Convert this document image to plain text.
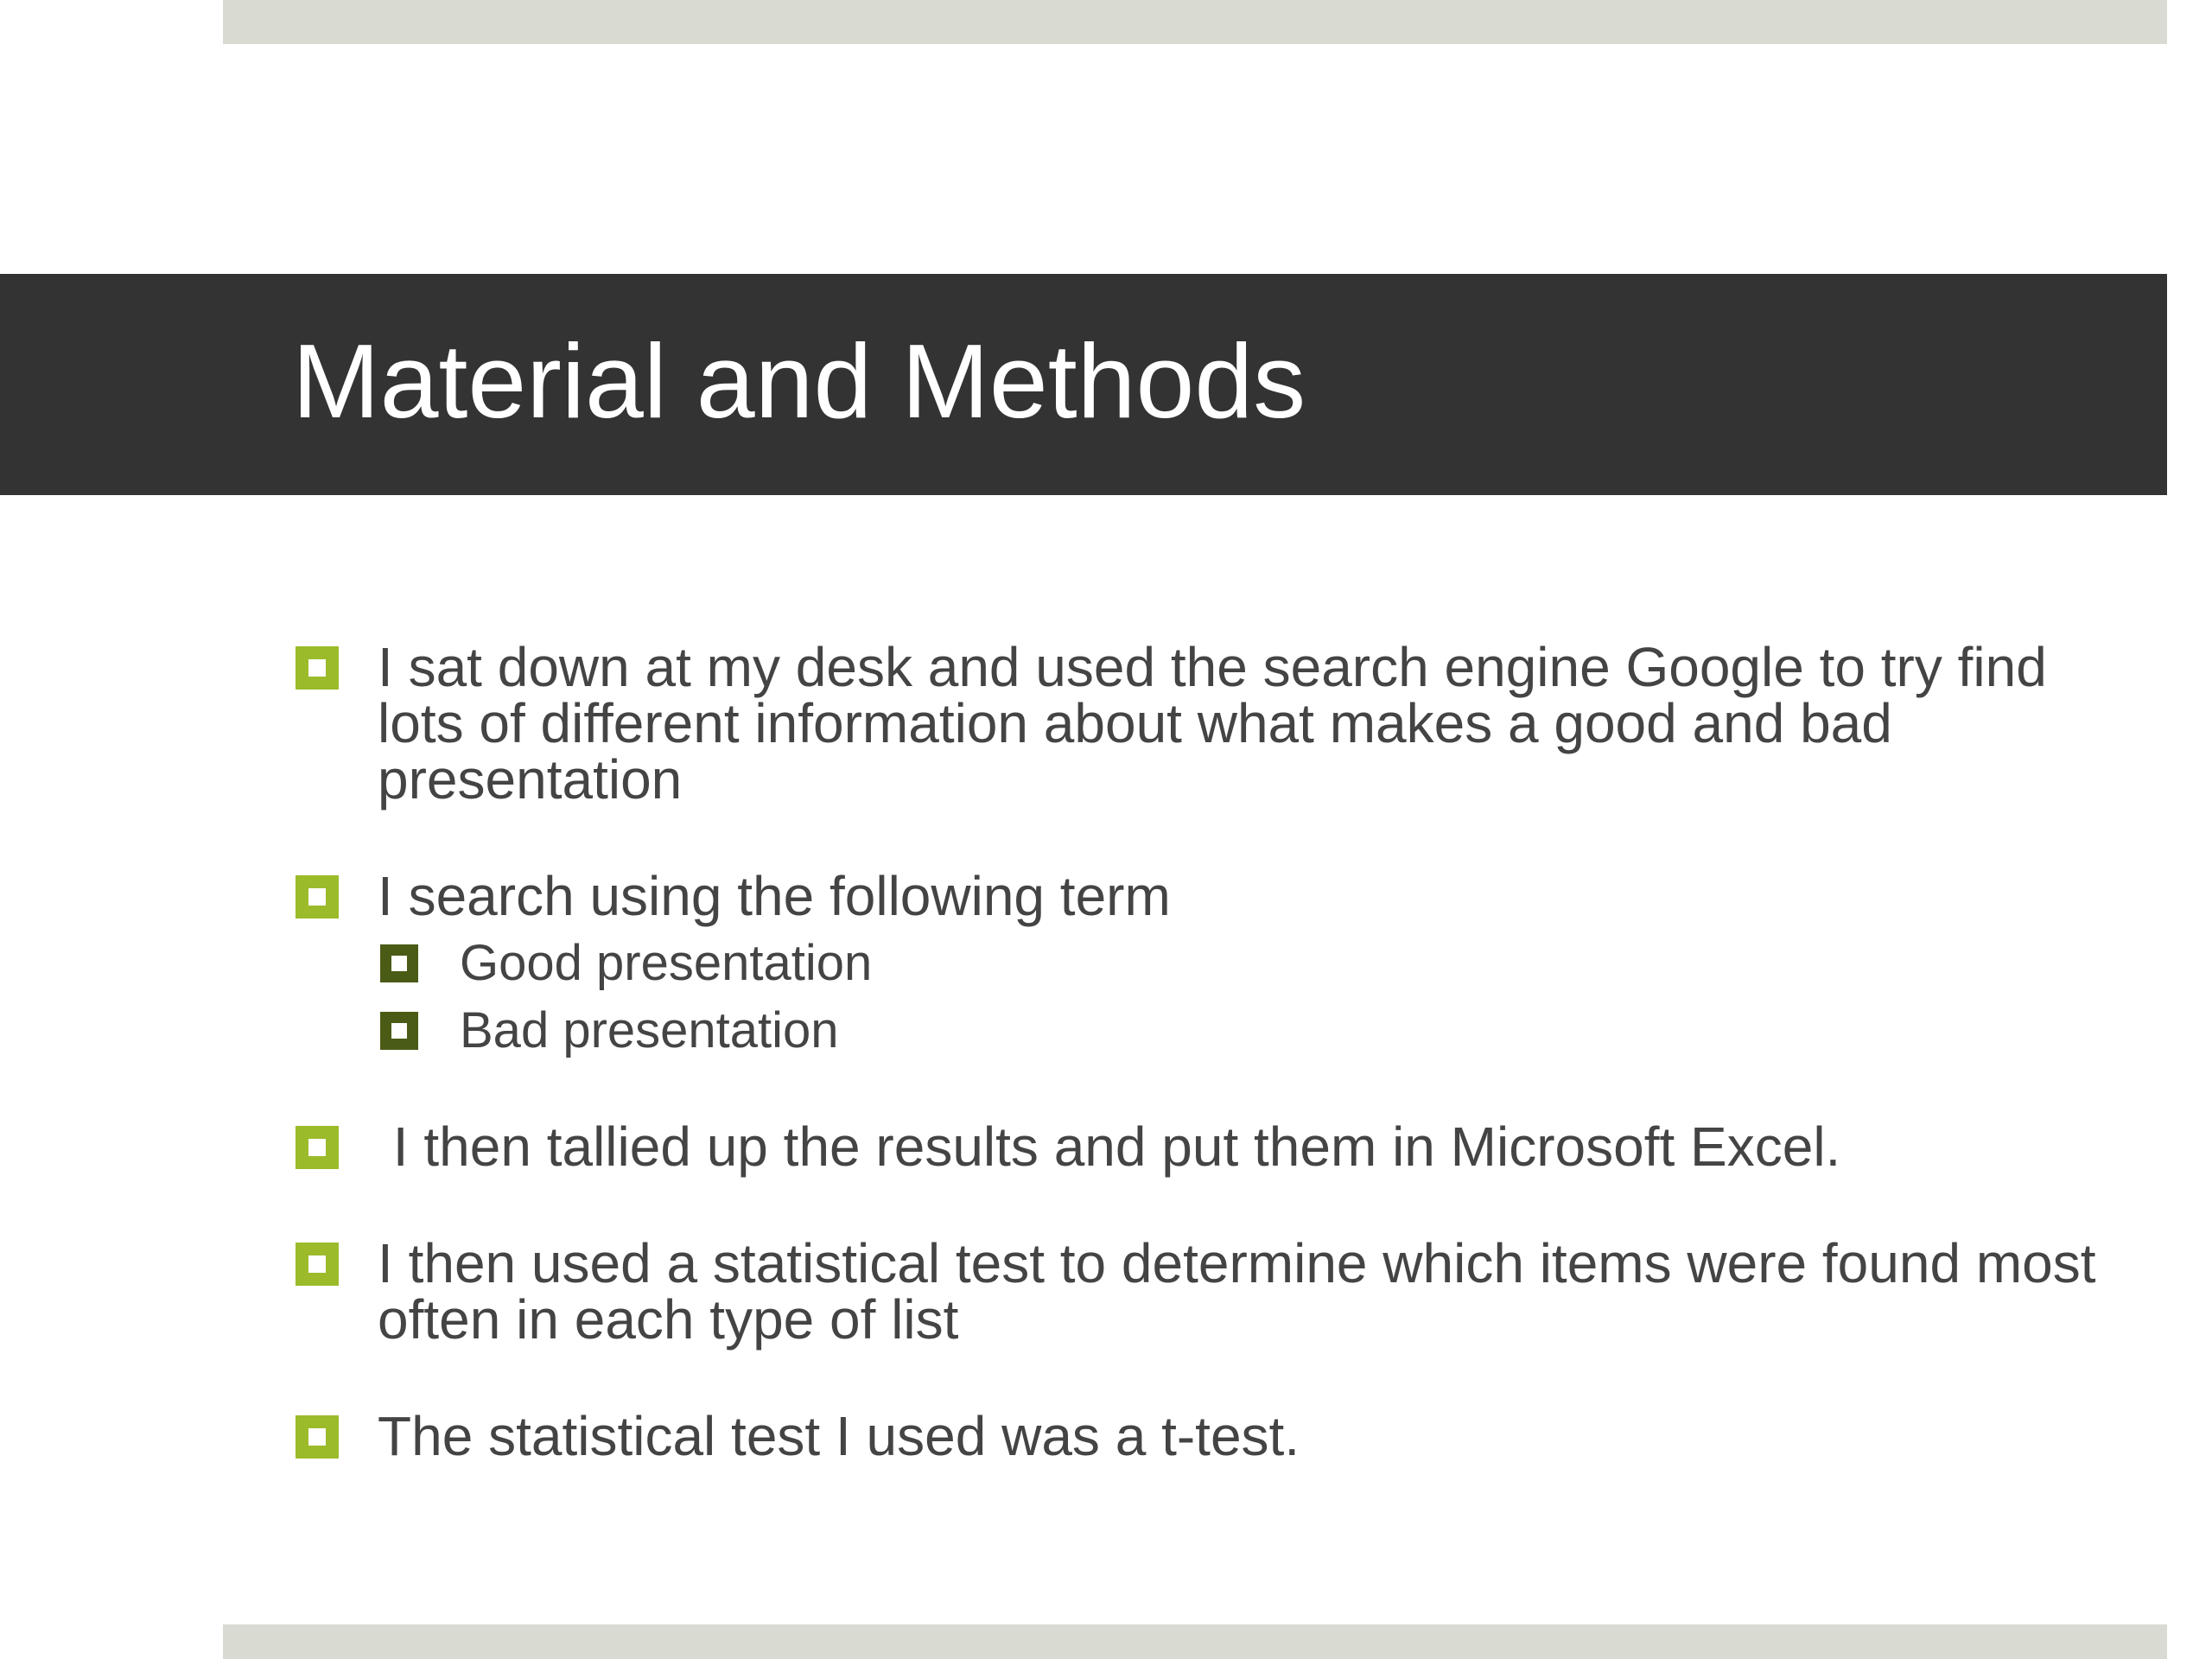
Material and Methods
I sat down at my desk and used the search engine Google to try find lots of different information about what makes a good and bad presentation
I search using the following term
Good presentation
Bad presentation
I then tallied up the results and put them in Microsoft Excel.
I then used a statistical test to determine which items were found most often in each type of list
The statistical test I used was a t-test.
